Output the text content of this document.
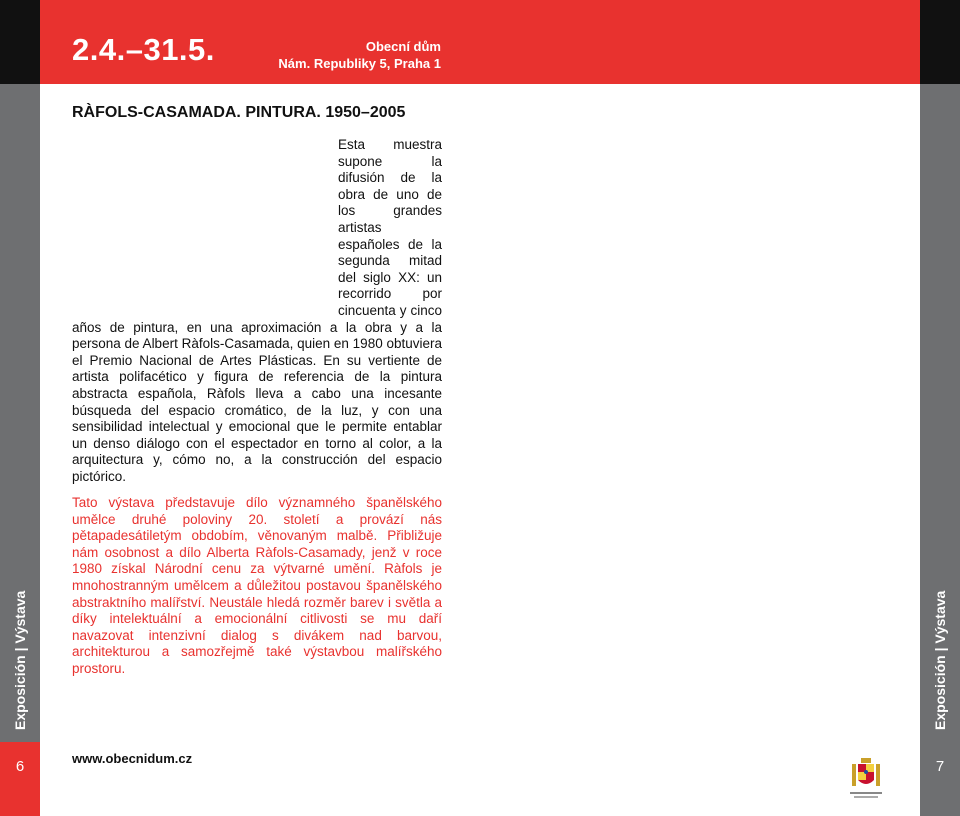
Exposición | Výstava	Exposición | Výstava
6	7
2.4.–31.5.	Obecní dům
Nám. Republiky 5, Praha 1
RÀFOLS-CASAMADA. PINTURA. 1950–2005

Esta muestra supone la difusión de la obra de uno de los grandes artistas españoles de la segunda mitad del siglo XX: un recorrido por cincuenta y cinco años de pintura, en una aproximación a la obra y a la persona de Albert Ràfols-Casamada, quien en 1980 obtuviera el Premio Nacional de Artes Plásticas. En su vertiente de artista polifacético y figura de referencia de la pintura abstracta española, Ràfols lleva a cabo una incesante búsqueda del espacio cromático, de la luz, y con una sensibilidad intelectual y emocional que le permite entablar un denso diálogo con el espectador en torno al color, a la arquitectura y, cómo no, a la construcción del espacio pictórico.

Tato výstava představuje dílo významného španělského umělce druhé poloviny 20. století a provází nás pětapadesátiletým obdobím, věnovaným malbě. Přibližuje nám osobnost a dílo Alberta Ràfols-Casamady, jenž v roce 1980 získal Národní cenu za výtvarné umění. Ràfols je mnohostranným umělcem a důležitou postavou španělského abstraktního malířství. Neustále hledá rozměr barev i světla a díky intelektuální a emocionální citlivosti se mu daří navazovat intenzivní dialog s divákem nad barvou, architekturou a samozřejmě také výstavbou malířského prostoru.

www.obecnidum.cz
